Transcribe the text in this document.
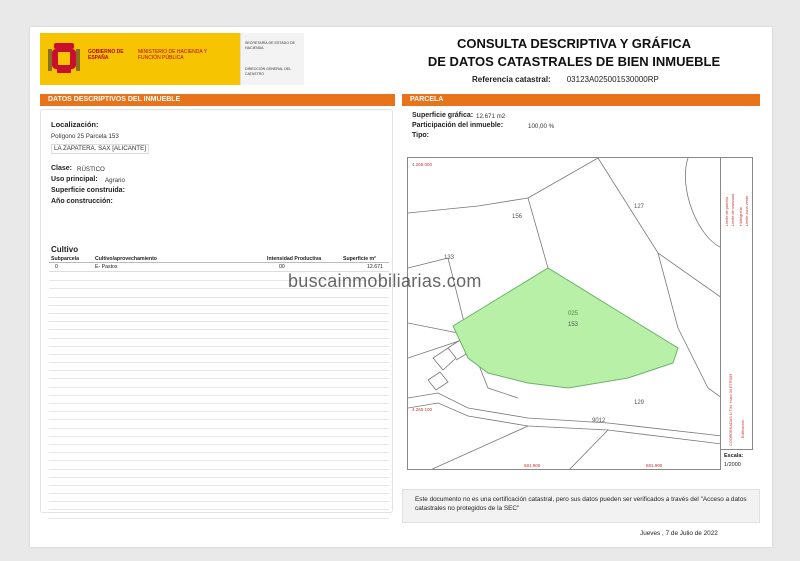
GOBIERNO DE ESPAÑA
MINISTERIO DE HACIENDA Y FUNCIÓN PÚBLICA
SECRETARÍA DE ESTADO DE HACIENDA
DIRECCIÓN GENERAL DEL CATASTRO
CONSULTA DESCRIPTIVA Y GRÁFICA
DE DATOS CATASTRALES DE BIEN INMUEBLE
Referencia catastral: 03123A025001530000RP
DATOS DESCRIPTIVOS DEL INMUEBLE	PARCELA
Localización:
Polígono 25 Parcela 153
LA ZAPATERA. SAX [ALICANTE]
Clase: RÚSTICO
Uso principal: Agrario
Superficie construida:
Año construcción:
Cultivo
Subparcela	Cultivo/aprovechamiento	Intensidad Productiva	Superficie m²
0	E- Pastos	00	12.671
Superficie gráfica: 12.671 m2
Participación del inmueble:	100,00 %
Tipo:
156
127
133
025
153
129
9012
4.265.000
4.265.100
681.900	681.900
Límite de parcela Límite de manzana Hidrografía Límite zona verde
COORDENADAS U.T.M. Huso 30 ETRS89 Edificación
Escala:
1/2000
Este documento no es una certificación catastral, pero sus datos pueden ser verificados a través del "Acceso a datos catastrales no protegidos de la SEC"
Jueves , 7 de Julio de 2022
buscainmobiliarias.com
